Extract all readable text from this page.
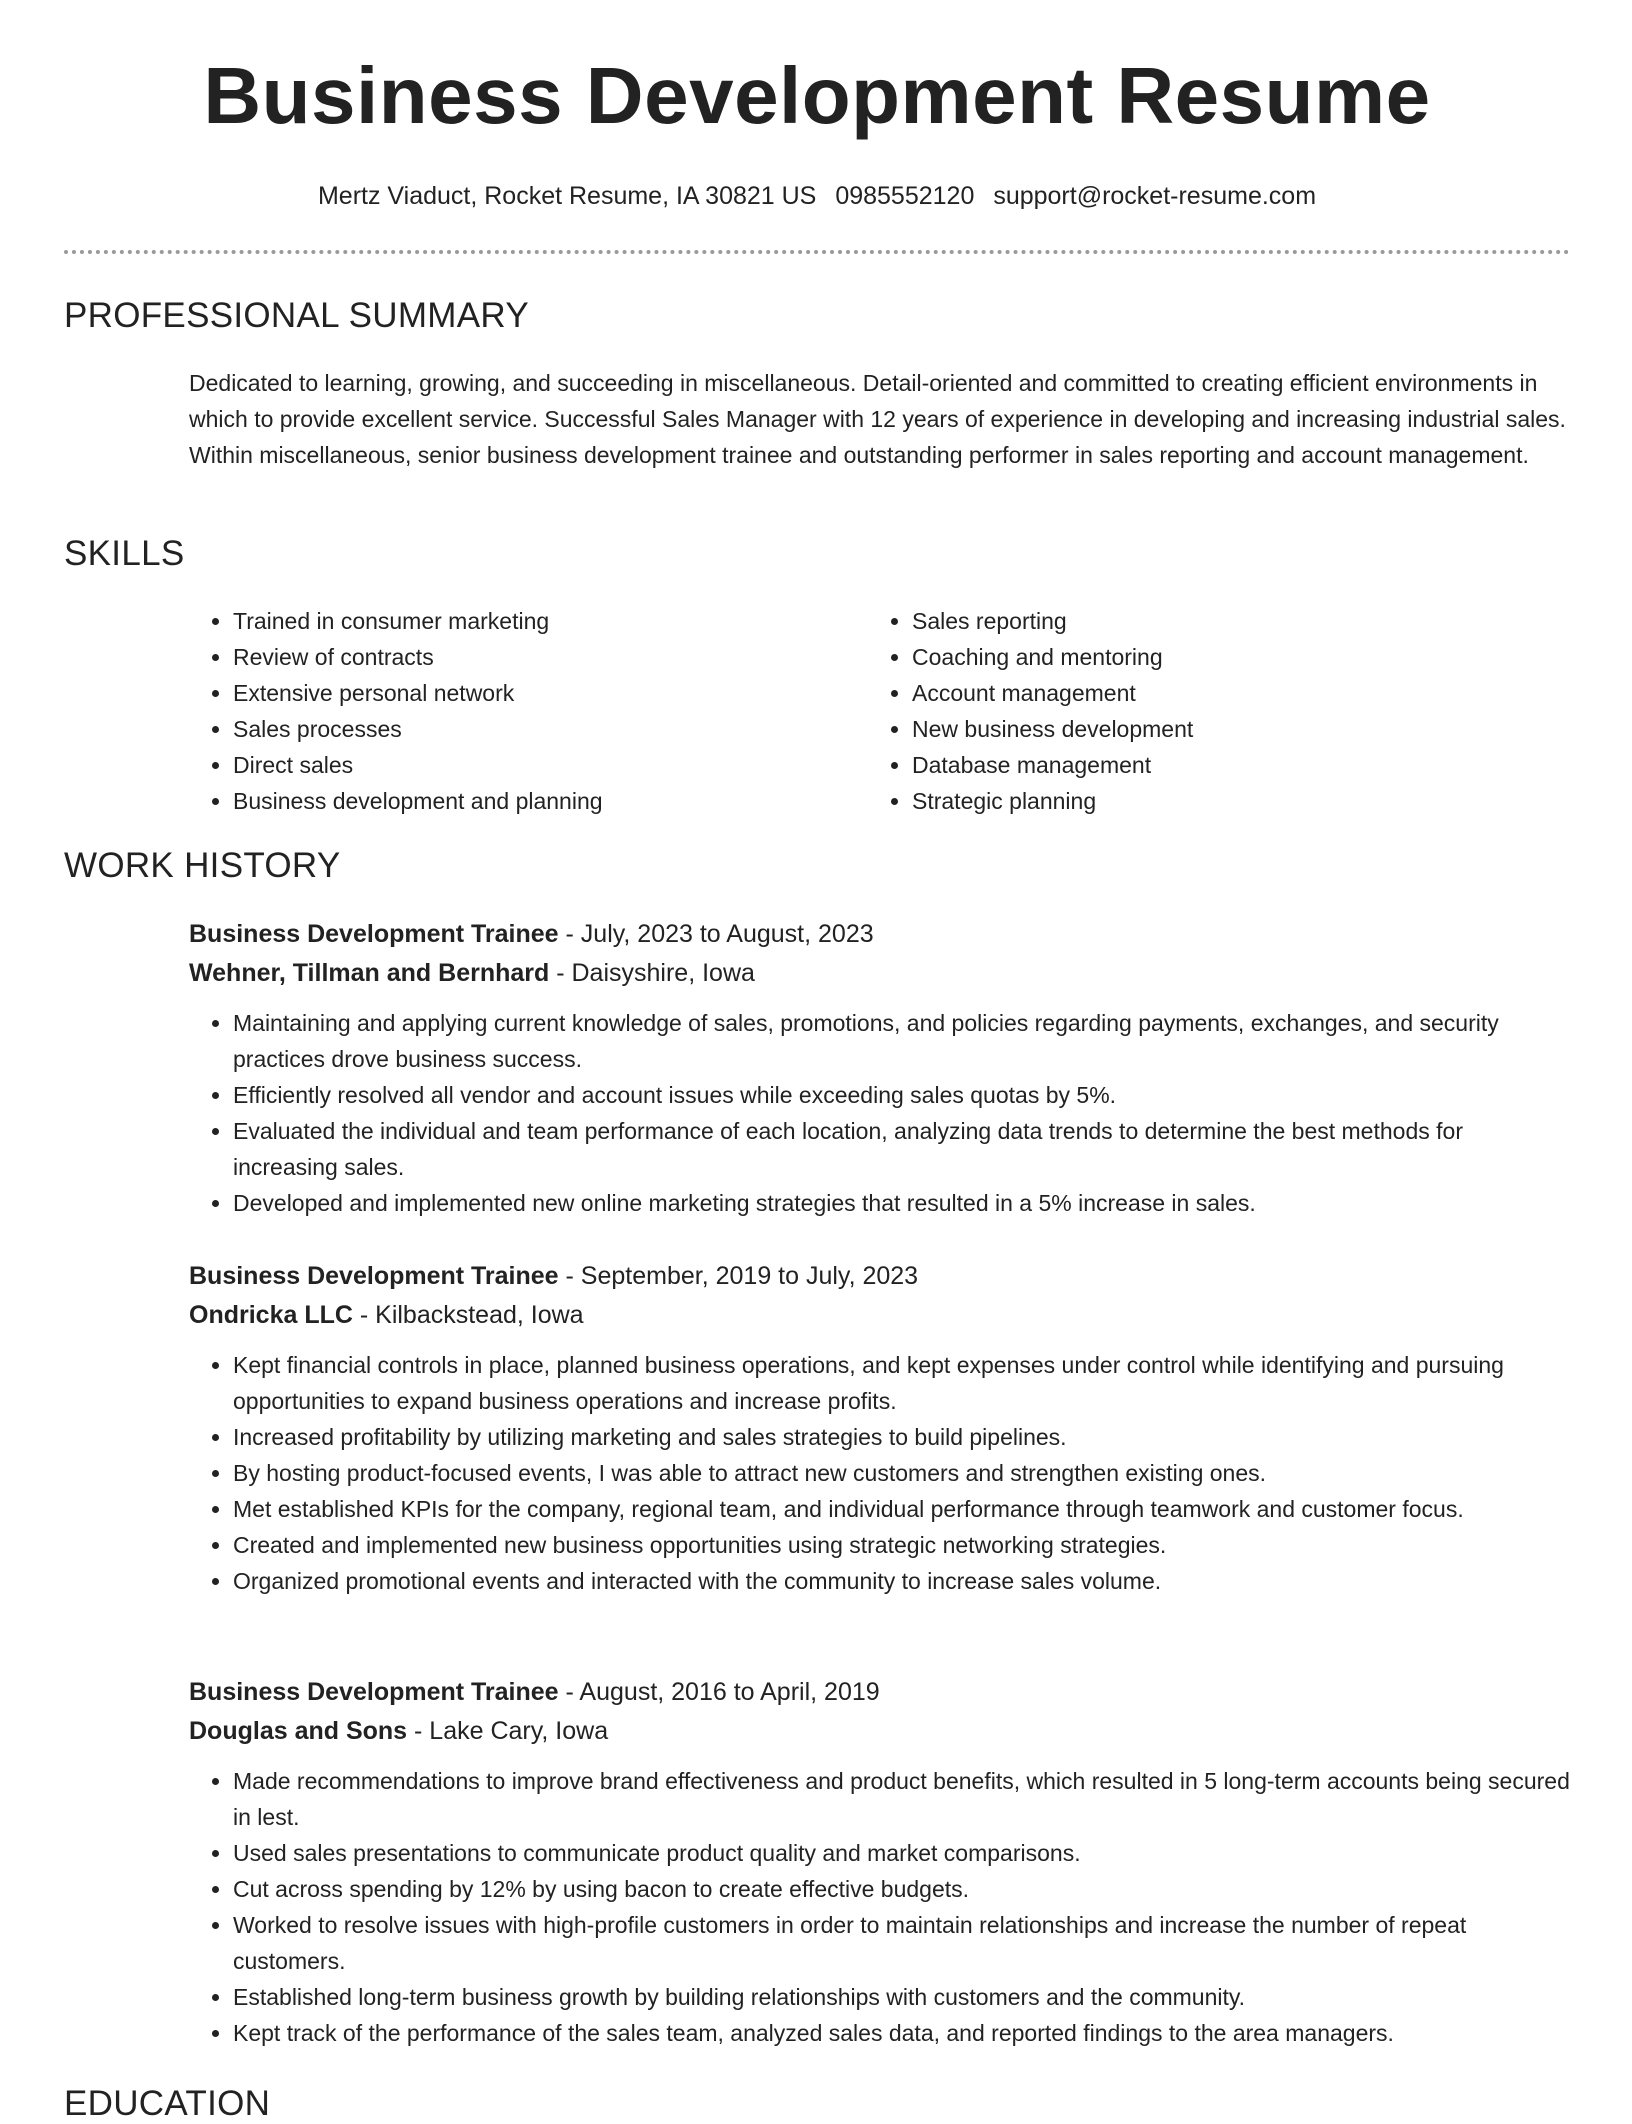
Business Development Resume
Mertz Viaduct, Rocket Resume, IA 30821 US 0985552120 support@rocket-resume.com
PROFESSIONAL SUMMARY

Dedicated to learning, growing, and succeeding in miscellaneous. Detail-oriented and committed to creating efficient environments in which to provide excellent service. Successful Sales Manager with 12 years of experience in developing and increasing industrial sales. Within miscellaneous, senior business development trainee and outstanding performer in sales reporting and account management.

SKILLS
• Trained in consumer marketing
• Review of contracts
• Extensive personal network
• Sales processes
• Direct sales
• Business development and planning
• Sales reporting
• Coaching and mentoring
• Account management
• New business development
• Database management
• Strategic planning
WORK HISTORY
Business Development Trainee - July, 2023 to August, 2023
Wehner, Tillman and Bernhard - Daisyshire, Iowa
• Maintaining and applying current knowledge of sales, promotions, and policies regarding payments, exchanges, and security practices drove business success.
• Efficiently resolved all vendor and account issues while exceeding sales quotas by 5%.
• Evaluated the individual and team performance of each location, analyzing data trends to determine the best methods for increasing sales.
• Developed and implemented new online marketing strategies that resulted in a 5% increase in sales.
Business Development Trainee - September, 2019 to July, 2023
Ondricka LLC - Kilbackstead, Iowa
• Kept financial controls in place, planned business operations, and kept expenses under control while identifying and pursuing opportunities to expand business operations and increase profits.
• Increased profitability by utilizing marketing and sales strategies to build pipelines.
• By hosting product-focused events, I was able to attract new customers and strengthen existing ones.
• Met established KPIs for the company, regional team, and individual performance through teamwork and customer focus.
• Created and implemented new business opportunities using strategic networking strategies.
• Organized promotional events and interacted with the community to increase sales volume.
Business Development Trainee - August, 2016 to April, 2019
Douglas and Sons - Lake Cary, Iowa
• Made recommendations to improve brand effectiveness and product benefits, which resulted in 5 long-term accounts being secured in lest.
• Used sales presentations to communicate product quality and market comparisons.
• Cut across spending by 12% by using bacon to create effective budgets.
• Worked to resolve issues with high-profile customers in order to maintain relationships and increase the number of repeat customers.
• Established long-term business growth by building relationships with customers and the community.
• Kept track of the performance of the sales team, analyzed sales data, and reported findings to the area managers.
EDUCATION
